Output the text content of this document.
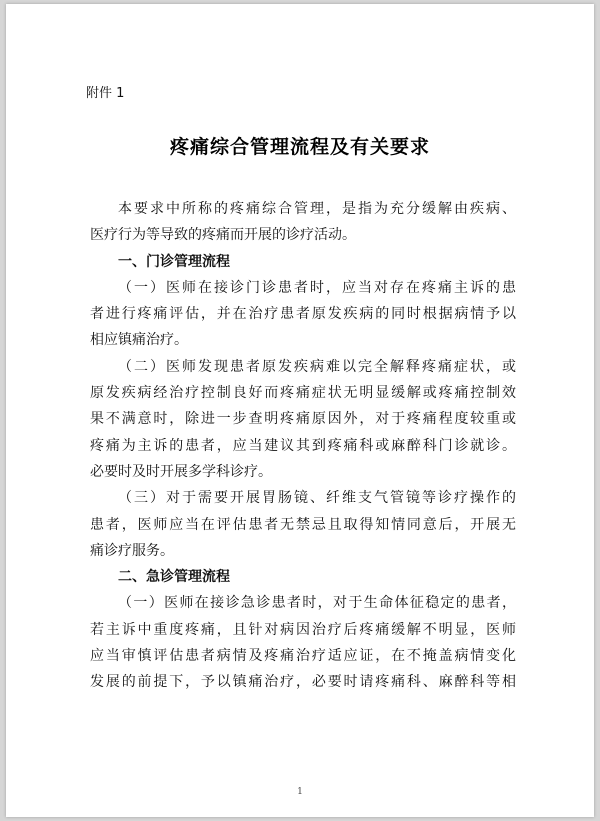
附件 1

疼痛综合管理流程及有关要求
本要求中所称的疼痛综合管理，是指为充分缓解由疾病、
医疗行为等导致的疼痛而开展的诊疗活动。
一、门诊管理流程
（一）医师在接诊门诊患者时，应当对存在疼痛主诉的患
者进行疼痛评估，并在治疗患者原发疾病的同时根据病情予以
相应镇痛治疗。
（二）医师发现患者原发疾病难以完全解释疼痛症状，或
原发疾病经治疗控制良好而疼痛症状无明显缓解或疼痛控制效
果不满意时，除进一步查明疼痛原因外，对于疼痛程度较重或
疼痛为主诉的患者，应当建议其到疼痛科或麻醉科门诊就诊。
必要时及时开展多学科诊疗。
（三）对于需要开展胃肠镜、纤维支气管镜等诊疗操作的
患者，医师应当在评估患者无禁忌且取得知情同意后，开展无
痛诊疗服务。
二、急诊管理流程
（一）医师在接诊急诊患者时，对于生命体征稳定的患者，
若主诉中重度疼痛，且针对病因治疗后疼痛缓解不明显，医师
应当审慎评估患者病情及疼痛治疗适应证，在不掩盖病情变化
发展的前提下，予以镇痛治疗，必要时请疼痛科、麻醉科等相

1
